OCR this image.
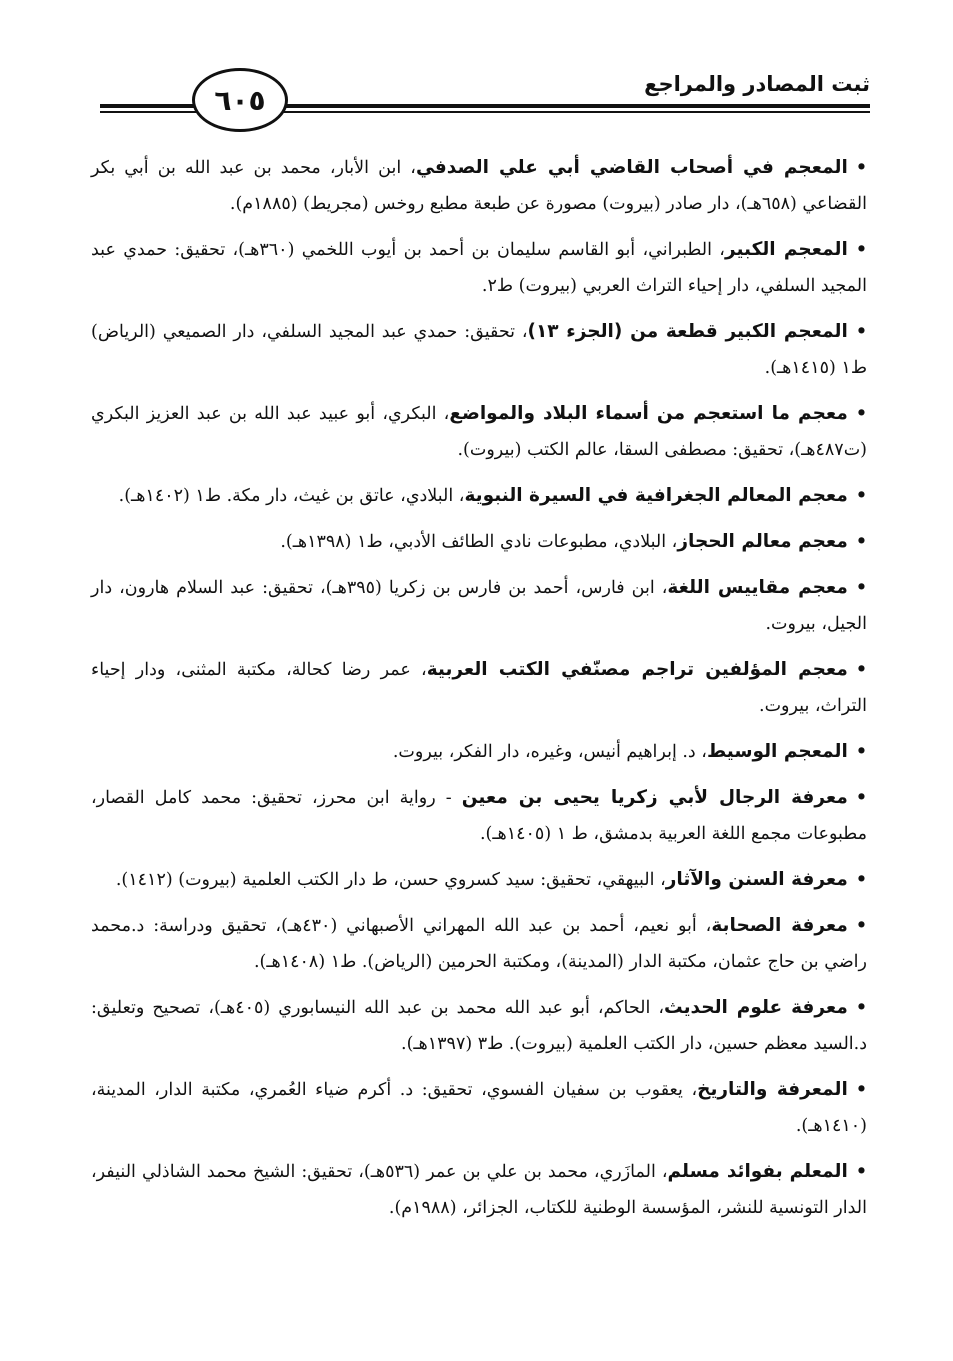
ثبت المصادر والمراجع
٦٠٥

•المعجم في أصحاب القاضي أبي علي الصدفي، ابن الأبار، محمد بن عبد الله بن أبي بكر القضاعي (٦٥٨هـ)، دار صادر (بيروت) مصورة عن طبعة مطبع روخس (مجريط) (١٨٨٥م).

•المعجم الكبير، الطبراني، أبو القاسم سليمان بن أحمد بن أيوب اللخمي (٣٦٠هـ)، تحقيق: حمدي عبد المجيد السلفي، دار إحياء التراث العربي (بيروت) ط٢.

•المعجم الكبير قطعة من (الجزء ١٣)، تحقيق: حمدي عبد المجيد السلفي، دار الصميعي (الرياض) ط١ (١٤١٥هـ).

•معجم ما استعجم من أسماء البلاد والمواضع، البكري، أبو عبيد عبد الله بن عبد العزيز البكري (ت٤٨٧هـ)، تحقيق: مصطفى السقا، عالم الكتب (بيروت).

•معجم المعالم الجغرافية في السيرة النبوية، البلادي، عاتق بن غيث، دار مكة. ط١ (١٤٠٢هـ).

•معجم معالم الحجاز، البلادي، مطبوعات نادي الطائف الأدبي، ط١ (١٣٩٨هـ).

•معجم مقاييس اللغة، ابن فارس، أحمد بن فارس بن زكريا (٣٩٥هـ)، تحقيق: عبد السلام هارون، دار الجيل، بيروت.

•معجم المؤلفين تراجم مصنّفي الكتب العربية، عمر رضا كحالة، مكتبة المثنى، ودار إحياء التراث، بيروت.

•المعجم الوسيط، د. إبراهيم أنيس، وغيره، دار الفكر، بيروت.

•معرفة الرجال لأبي زكريا يحيى بن معين - رواية ابن محرز، تحقيق: محمد كامل القصار، مطبوعات مجمع اللغة العربية بدمشق، ط ١ (١٤٠٥هـ).

•معرفة السنن والآثار، البيهقي، تحقيق: سيد كسروي حسن، ط دار الكتب العلمية (بيروت) (١٤١٢).

•معرفة الصحابة، أبو نعيم، أحمد بن عبد الله المهراني الأصبهاني (٤٣٠هـ)، تحقيق ودراسة: د.محمد راضي بن حاج عثمان، مكتبة الدار (المدينة)، ومكتبة الحرمين (الرياض). ط١ (١٤٠٨هـ).

•معرفة علوم الحديث، الحاكم، أبو عبد الله محمد بن عبد الله النيسابوري (٤٠٥هـ)، تصحيح وتعليق: د.السيد معظم حسين، دار الكتب العلمية (بيروت). ط٣ (١٣٩٧هـ).

•المعرفة والتاريخ، يعقوب بن سفيان الفسوي، تحقيق: د. أكرم ضياء العُمري، مكتبة الدار، المدينة، (١٤١٠هـ).

•المعلم بفوائد مسلم، المازَري، محمد بن علي بن عمر (٥٣٦هـ)، تحقيق: الشيخ محمد الشاذلي النيفر، الدار التونسية للنشر، المؤسسة الوطنية للكتاب، الجزائر، (١٩٨٨م).
